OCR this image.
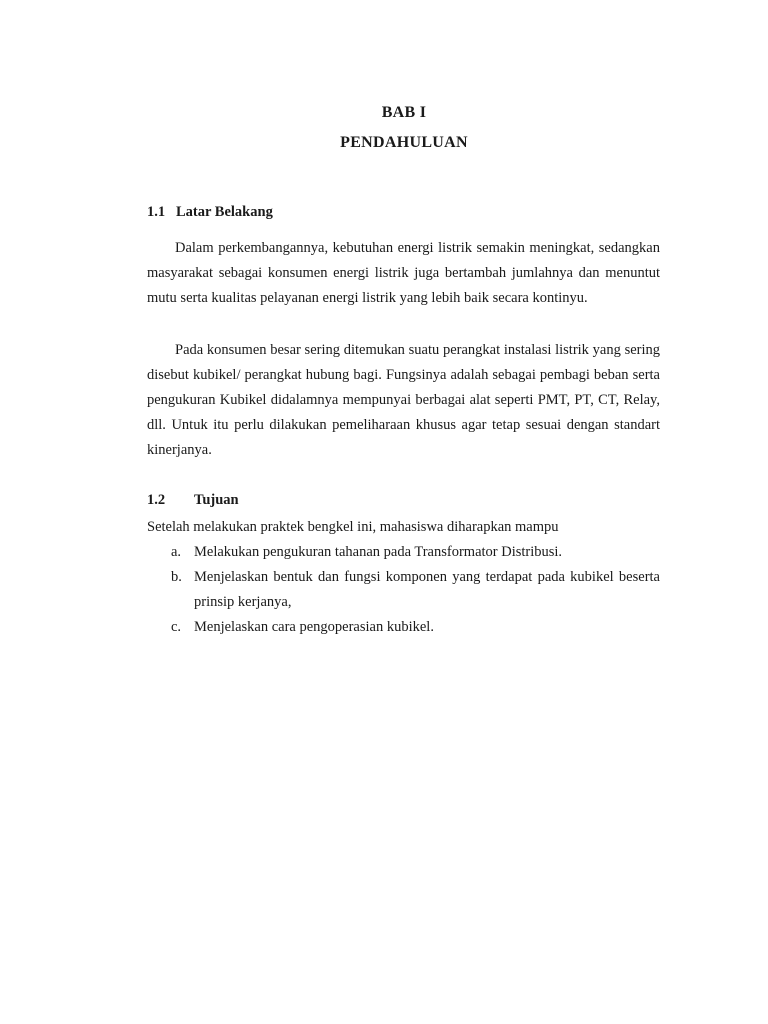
BAB I
PENDAHULUAN
1.1 Latar Belakang

Dalam perkembangannya, kebutuhan energi listrik semakin meningkat, sedangkan masyarakat sebagai konsumen energi listrik juga bertambah jumlahnya dan menuntut mutu serta kualitas pelayanan energi listrik yang lebih baik secara kontinyu.

Pada konsumen besar sering ditemukan suatu perangkat instalasi listrik yang sering disebut kubikel/ perangkat hubung bagi. Fungsinya adalah sebagai pembagi beban serta pengukuran Kubikel didalamnya mempunyai berbagai alat seperti PMT, PT, CT, Relay, dll. Untuk itu perlu dilakukan pemeliharaan khusus agar tetap sesuai dengan standart kinerjanya.

1.2 Tujuan

Setelah melakukan praktek bengkel ini, mahasiswa diharapkan mampu

a. Melakukan pengukuran tahanan pada Transformator Distribusi.
b. Menjelaskan bentuk dan fungsi komponen yang terdapat pada kubikel beserta prinsip kerjanya,
c. Menjelaskan cara pengoperasian kubikel.
